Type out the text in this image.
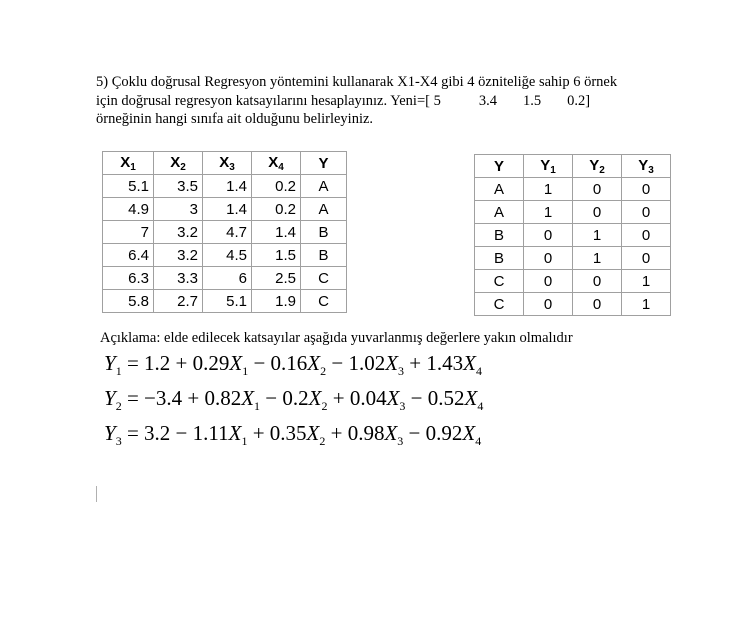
5) Çoklu doğrusal Regresyon yöntemini kullanarak X1-X4 gibi 4 özniteliğe sahip 6 örnek

için doğrusal regresyon katsayılarını hesaplayınız. Yeni=[ 5	3.4 1.5 0.2]

örneğinin hangi sınıfa ait olduğunu belirleyiniz.

$X_1$	$X_2$	$X_3$	$X_4$	Y
5.1	3.5	1.4	0.2	A
4.9	3	1.4	0.2	A
7	3.2	4.7	1.4	B
6.4	3.2	4.5	1.5	B
6.3	3.3	6	2.5	C
5.8	2.7	5.1	1.9	C
Y	$Y_1$	$Y_2$	$Y_3$
A	1	0	0
A	1	0	0
B	0	1	0
B	0	1	0
C	0	0	1
C	0	0	1
Açıklama: elde edilecek katsayılar aşağıda yuvarlanmış değerlere yakın olmalıdır
$Y_1 = 1.2 + 0.29X_1 - 0.16X_2 - 1.02X_3 + 1.43X_4$
$Y_2 = -3.4 + 0.82X_1 - 0.2X_2 + 0.04X_3 - 0.52X_4$
$Y_3 = 3.2 - 1.11X_1 + 0.35X_2 + 0.98X_3 - 0.92X_4$
